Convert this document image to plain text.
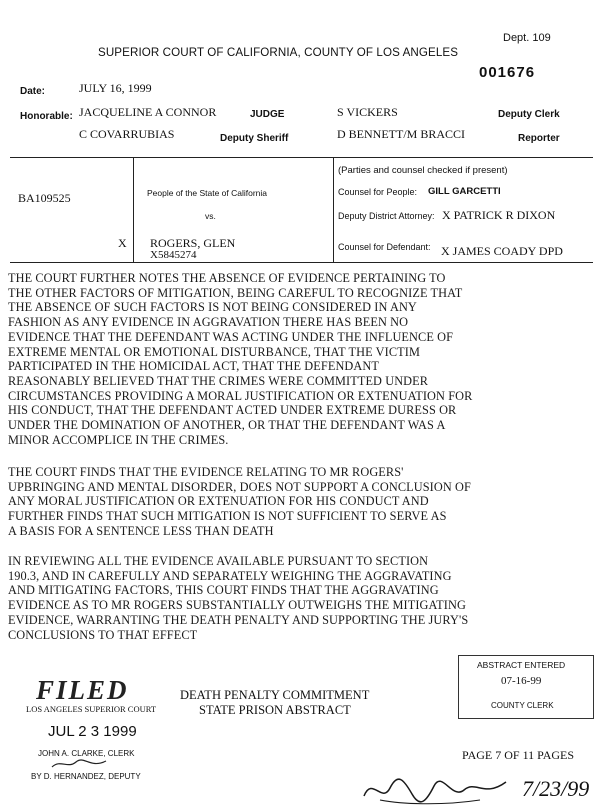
Dept. 109
SUPERIOR COURT OF CALIFORNIA, COUNTY OF LOS ANGELES
001676
Date:	JULY 16, 1999
Honorable: JACQUELINE A CONNOR	JUDGE	S VICKERS	Deputy Clerk
C COVARRUBIAS	Deputy Sheriff	D BENNETT/M BRACCI	Reporter
(Parties and counsel checked if present)
BA109525
X
People of the State of California
vs.
ROGERS, GLEN
X5845274
Counsel for People: GILL GARCETTI
Deputy District Attorney: X PATRICK R DIXON
Counsel for Defendant: X JAMES COADY DPD
THE COURT FURTHER NOTES THE ABSENCE OF EVIDENCE PERTAINING TO
THE OTHER FACTORS OF MITIGATION, BEING CAREFUL TO RECOGNIZE THAT
THE ABSENCE OF SUCH FACTORS IS NOT BEING CONSIDERED IN ANY
FASHION AS ANY EVIDENCE IN AGGRAVATION THERE HAS BEEN NO
EVIDENCE THAT THE DEFENDANT WAS ACTING UNDER THE INFLUENCE OF
EXTREME MENTAL OR EMOTIONAL DISTURBANCE, THAT THE VICTIM
PARTICIPATED IN THE HOMICIDAL ACT, THAT THE DEFENDANT
REASONABLY BELIEVED THAT THE CRIMES WERE COMMITTED UNDER
CIRCUMSTANCES PROVIDING A MORAL JUSTIFICATION OR EXTENUATION FOR
HIS CONDUCT, THAT THE DEFENDANT ACTED UNDER EXTREME DURESS OR
UNDER THE DOMINATION OF ANOTHER, OR THAT THE DEFENDANT WAS A
MINOR ACCOMPLICE IN THE CRIMES.
THE COURT FINDS THAT THE EVIDENCE RELATING TO MR ROGERS'
UPBRINGING AND MENTAL DISORDER, DOES NOT SUPPORT A CONCLUSION OF
ANY MORAL JUSTIFICATION OR EXTENUATION FOR HIS CONDUCT AND
FURTHER FINDS THAT SUCH MITIGATION IS NOT SUFFICIENT TO SERVE AS
A BASIS FOR A SENTENCE LESS THAN DEATH
IN REVIEWING ALL THE EVIDENCE AVAILABLE PURSUANT TO SECTION
190.3, AND IN CAREFULLY AND SEPARATELY WEIGHING THE AGGRAVATING
AND MITIGATING FACTORS, THIS COURT FINDS THAT THE AGGRAVATING
EVIDENCE AS TO MR ROGERS SUBSTANTIALLY OUTWEIGHS THE MITIGATING
EVIDENCE, WARRANTING THE DEATH PENALTY AND SUPPORTING THE JURY'S
CONCLUSIONS TO THAT EFFECT
ABSTRACT ENTERED
07-16-99
COUNTY CLERK
FILED
LOS ANGELES SUPERIOR COURT
JUL 2 3 1999
JOHN A. CLARKE, CLERK
BY D. HERNANDEZ, DEPUTY
DEATH PENALTY COMMITMENT
STATE PRISON ABSTRACT
PAGE 7 OF 11 PAGES
7/23/99
